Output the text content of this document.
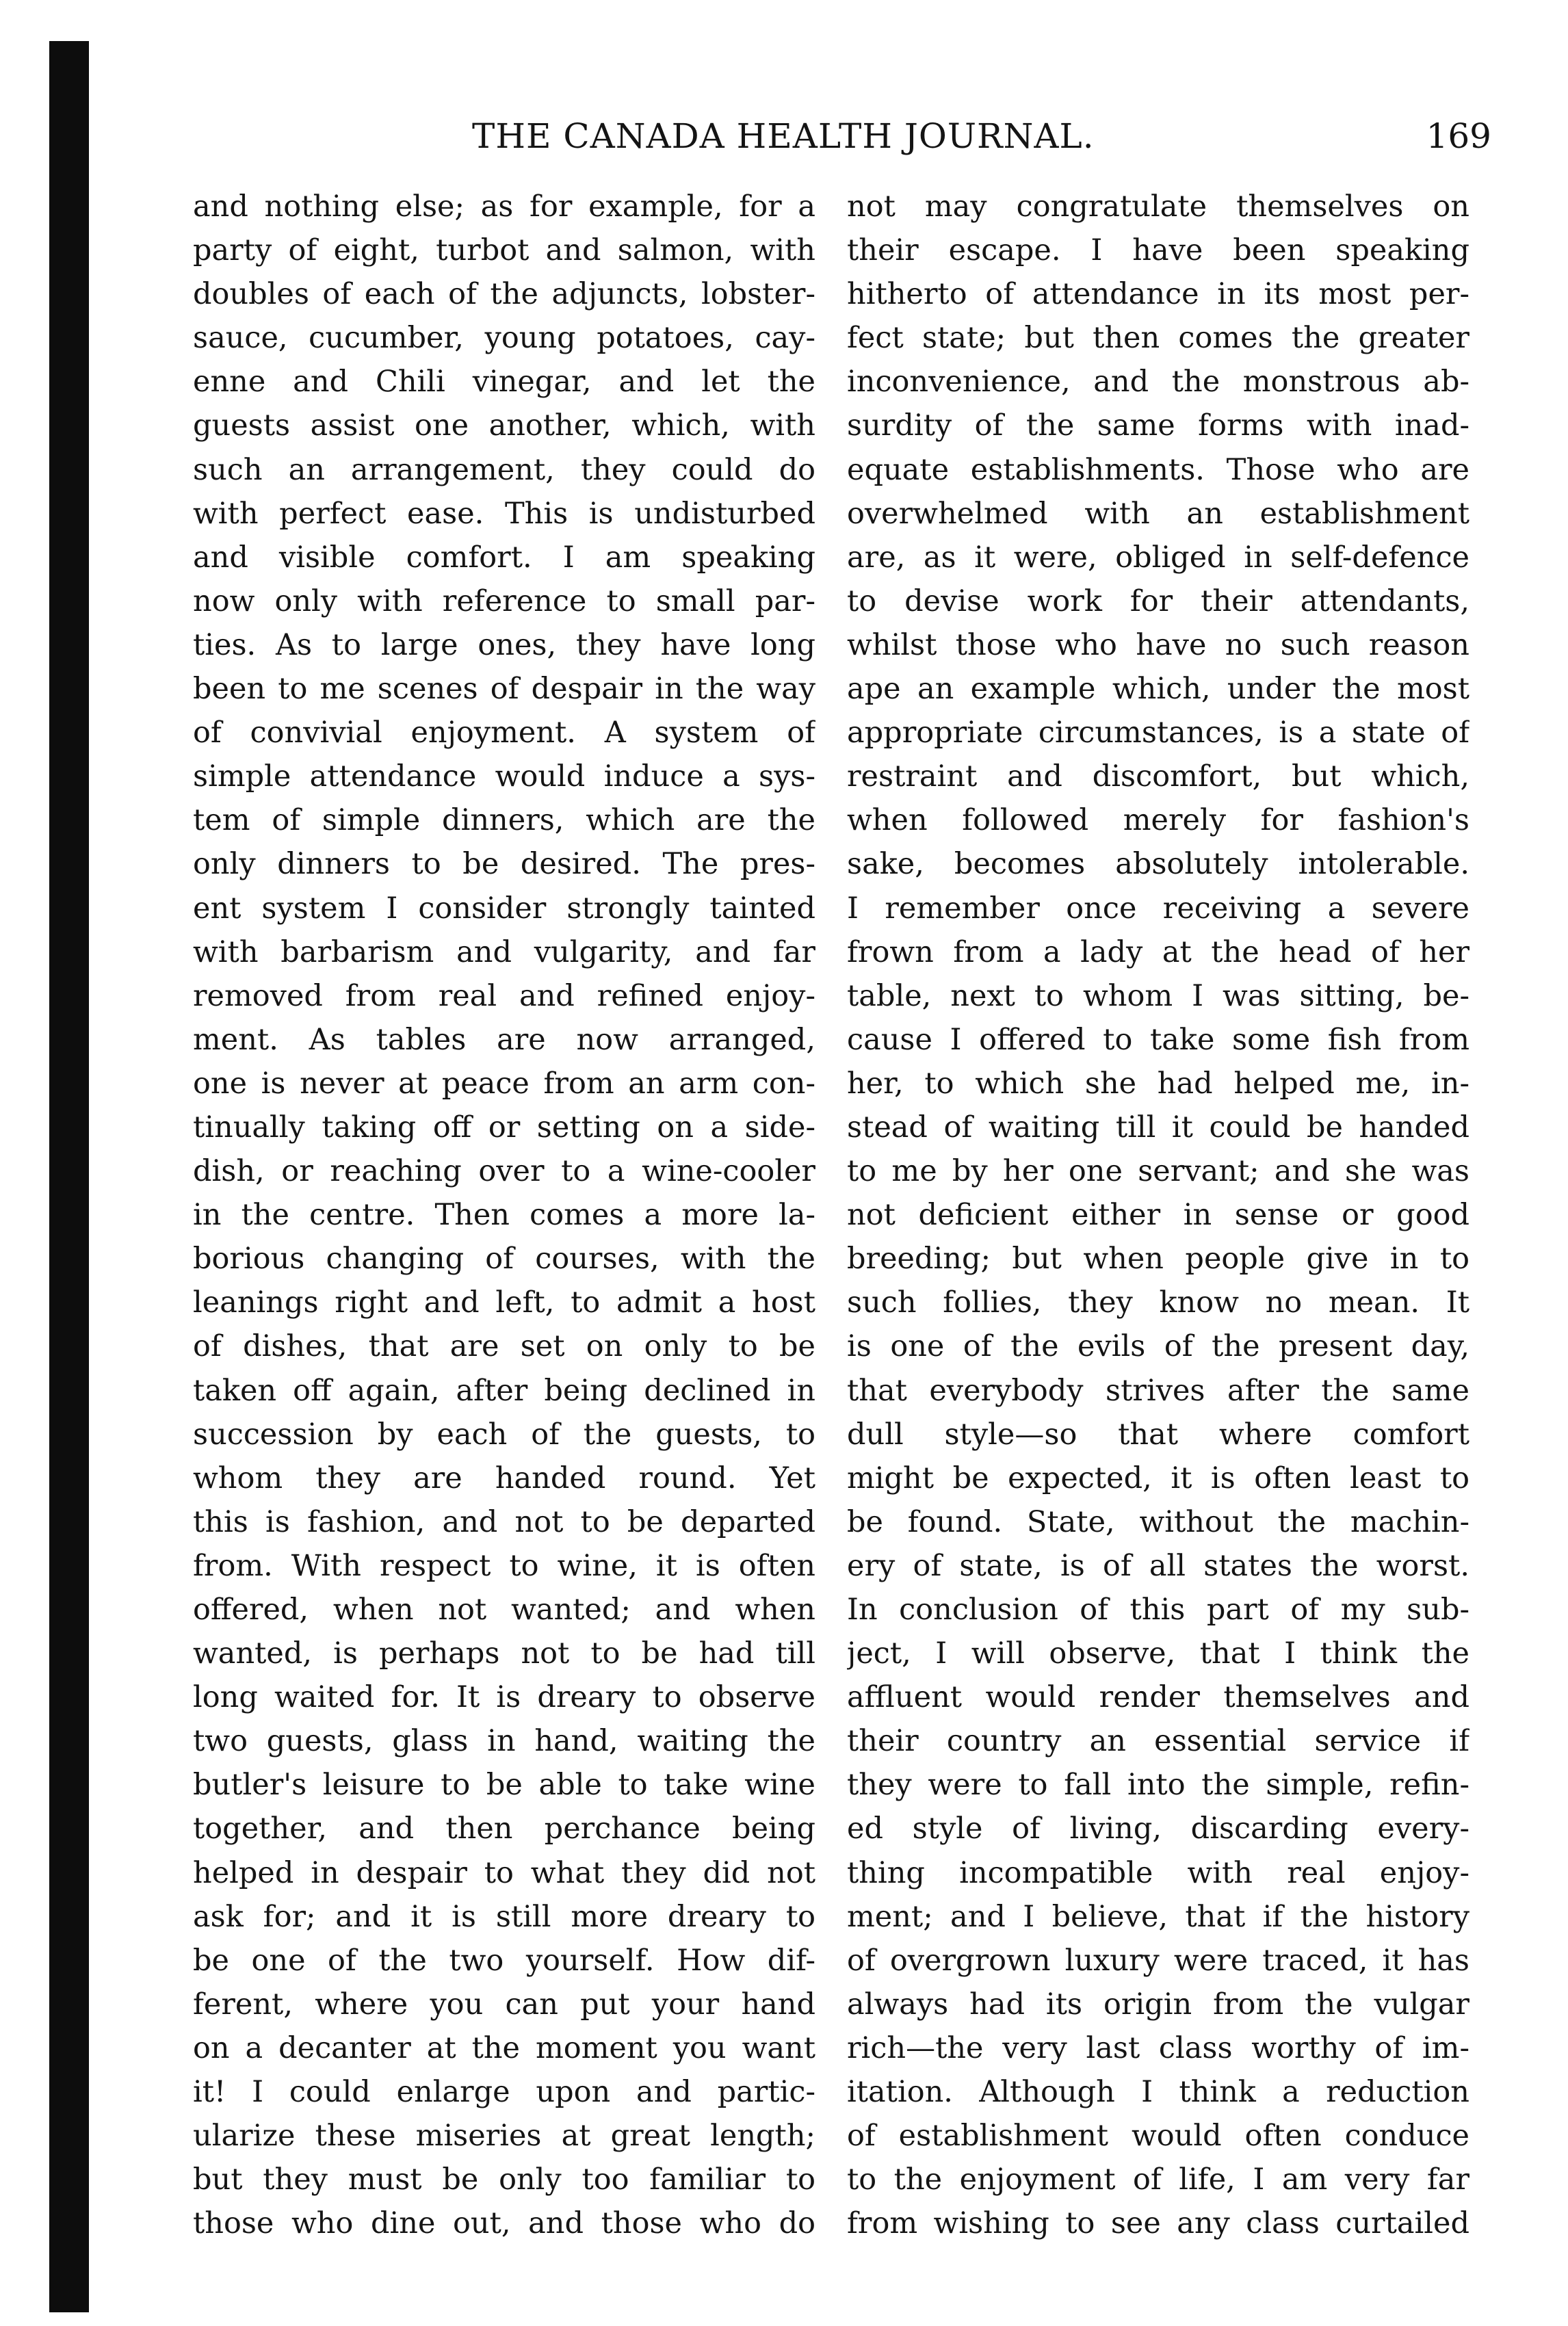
THE CANADA HEALTH JOURNAL.	169
and nothing else; as for example, for a
party of eight, turbot and salmon, with
doubles of each of the adjuncts, lobster-
sauce, cucumber, young potatoes, cay-
enne and Chili vinegar, and let the
guests assist one another, which, with
such an arrangement, they could do
with perfect ease. This is undisturbed
and visible comfort. I am speaking
now only with reference to small par-
ties. As to large ones, they have long
been to me scenes of despair in the way
of convivial enjoyment. A system of
simple attendance would induce a sys-
tem of simple dinners, which are the
only dinners to be desired. The pres-
ent system I consider strongly tainted
with barbarism and vulgarity, and far
removed from real and refined enjoy-
ment. As tables are now arranged,
one is never at peace from an arm con-
tinually taking off or setting on a side-
dish, or reaching over to a wine-cooler
in the centre. Then comes a more la-
borious changing of courses, with the
leanings right and left, to admit a host
of dishes, that are set on only to be
taken off again, after being declined in
succession by each of the guests, to
whom they are handed round. Yet
this is fashion, and not to be departed
from. With respect to wine, it is often
offered, when not wanted; and when
wanted, is perhaps not to be had till
long waited for. It is dreary to observe
two guests, glass in hand, waiting the
butler's leisure to be able to take wine
together, and then perchance being
helped in despair to what they did not
ask for; and it is still more dreary to
be one of the two yourself. How dif-
ferent, where you can put your hand
on a decanter at the moment you want
it! I could enlarge upon and partic-
ularize these miseries at great length;
but they must be only too familiar to
those who dine out, and those who do
not may congratulate themselves on
their escape. I have been speaking
hitherto of attendance in its most per-
fect state; but then comes the greater
inconvenience, and the monstrous ab-
surdity of the same forms with inad-
equate establishments. Those who are
overwhelmed with an establishment
are, as it were, obliged in self-defence
to devise work for their attendants,
whilst those who have no such reason
ape an example which, under the most
appropriate circumstances, is a state of
restraint and discomfort, but which,
when followed merely for fashion's
sake, becomes absolutely intolerable.
I remember once receiving a severe
frown from a lady at the head of her
table, next to whom I was sitting, be-
cause I offered to take some fish from
her, to which she had helped me, in-
stead of waiting till it could be handed
to me by her one servant; and she was
not deficient either in sense or good
breeding; but when people give in to
such follies, they know no mean. It
is one of the evils of the present day,
that everybody strives after the same
dull style—so that where comfort
might be expected, it is often least to
be found. State, without the machin-
ery of state, is of all states the worst.
In conclusion of this part of my sub-
ject, I will observe, that I think the
affluent would render themselves and
their country an essential service if
they were to fall into the simple, refin-
ed style of living, discarding every-
thing incompatible with real enjoy-
ment; and I believe, that if the history
of overgrown luxury were traced, it has
always had its origin from the vulgar
rich—the very last class worthy of im-
itation. Although I think a reduction
of establishment would often conduce
to the enjoyment of life, I am very far
from wishing to see any class curtailed
